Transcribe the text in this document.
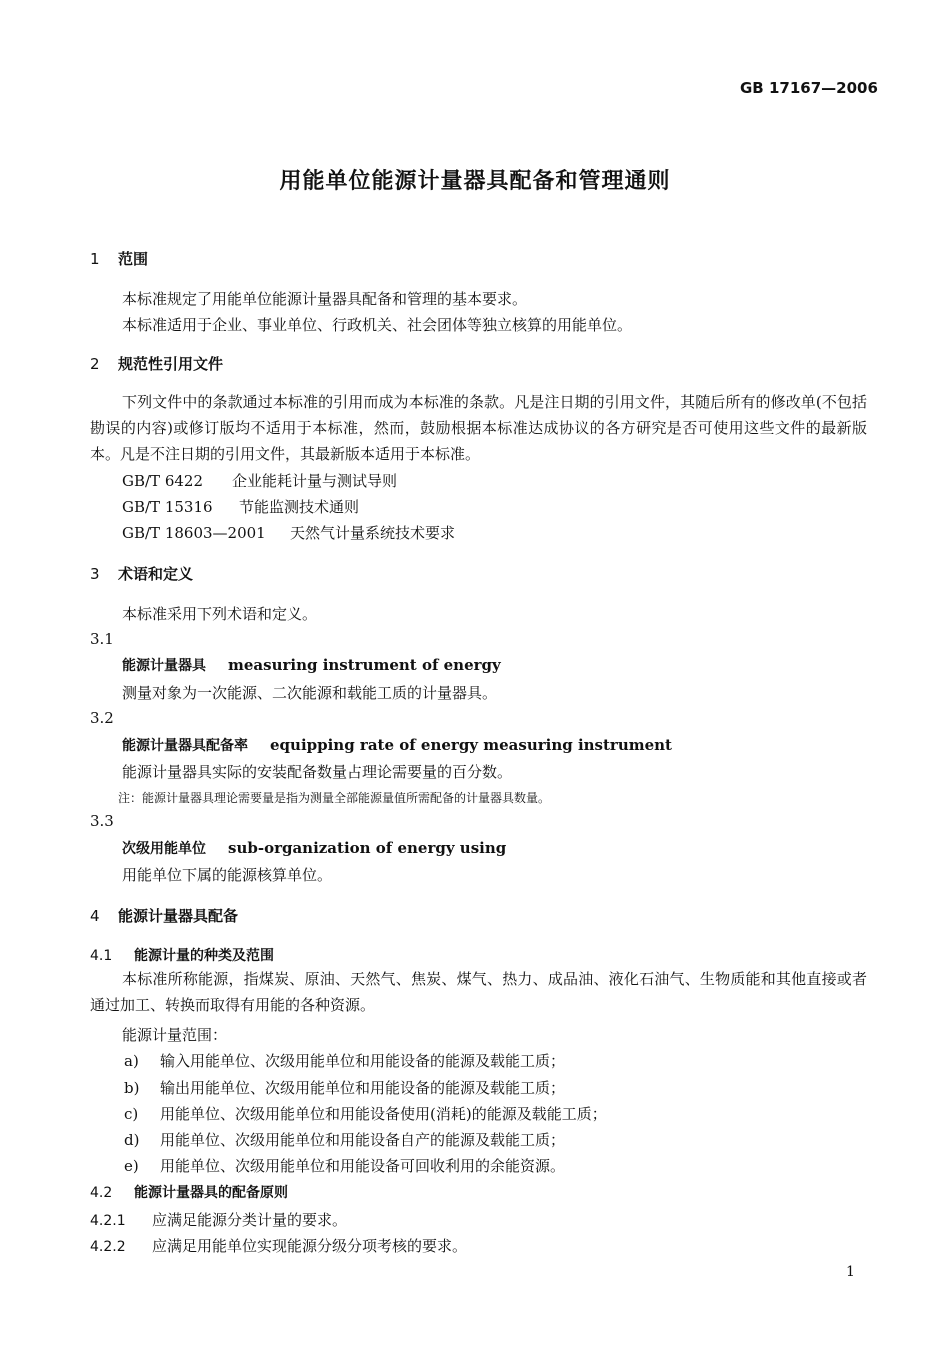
GB 17167—2006
用能单位能源计量器具配备和管理通则
1 范围
本标准规定了用能单位能源计量器具配备和管理的基本要求。
本标准适用于企业、事业单位、行政机关、社会团体等独立核算的用能单位。
2 规范性引用文件
下列文件中的条款通过本标准的引用而成为本标准的条款。凡是注日期的引用文件，其随后所有的修改单(不包括勘误的内容)或修订版均不适用于本标准，然而，鼓励根据本标准达成协议的各方研究是否可使用这些文件的最新版本。凡是不注日期的引用文件，其最新版本适用于本标准。
GB/T 6422 企业能耗计量与测试导则
GB/T 15316 节能监测技术通则
GB/T 18603—2001 天然气计量系统技术要求
3 术语和定义
本标准采用下列术语和定义。
3.1
能源计量器具 measuring instrument of energy
测量对象为一次能源、二次能源和载能工质的计量器具。
3.2
能源计量器具配备率 equipping rate of energy measuring instrument
能源计量器具实际的安装配备数量占理论需要量的百分数。
注：能源计量器具理论需要量是指为测量全部能源量值所需配备的计量器具数量。
3.3
次级用能单位 sub-organization of energy using
用能单位下属的能源核算单位。
4 能源计量器具配备
4.1 能源计量的种类及范围
本标准所称能源，指煤炭、原油、天然气、焦炭、煤气、热力、成品油、液化石油气、生物质能和其他直接或者通过加工、转换而取得有用能的各种资源。
能源计量范围：
a) 输入用能单位、次级用能单位和用能设备的能源及载能工质；
b) 输出用能单位、次级用能单位和用能设备的能源及载能工质；
c) 用能单位、次级用能单位和用能设备使用(消耗)的能源及载能工质；
d) 用能单位、次级用能单位和用能设备自产的能源及载能工质；
e) 用能单位、次级用能单位和用能设备可回收利用的余能资源。
4.2 能源计量器具的配备原则
4.2.1 应满足能源分类计量的要求。
4.2.2 应满足用能单位实现能源分级分项考核的要求。
1
